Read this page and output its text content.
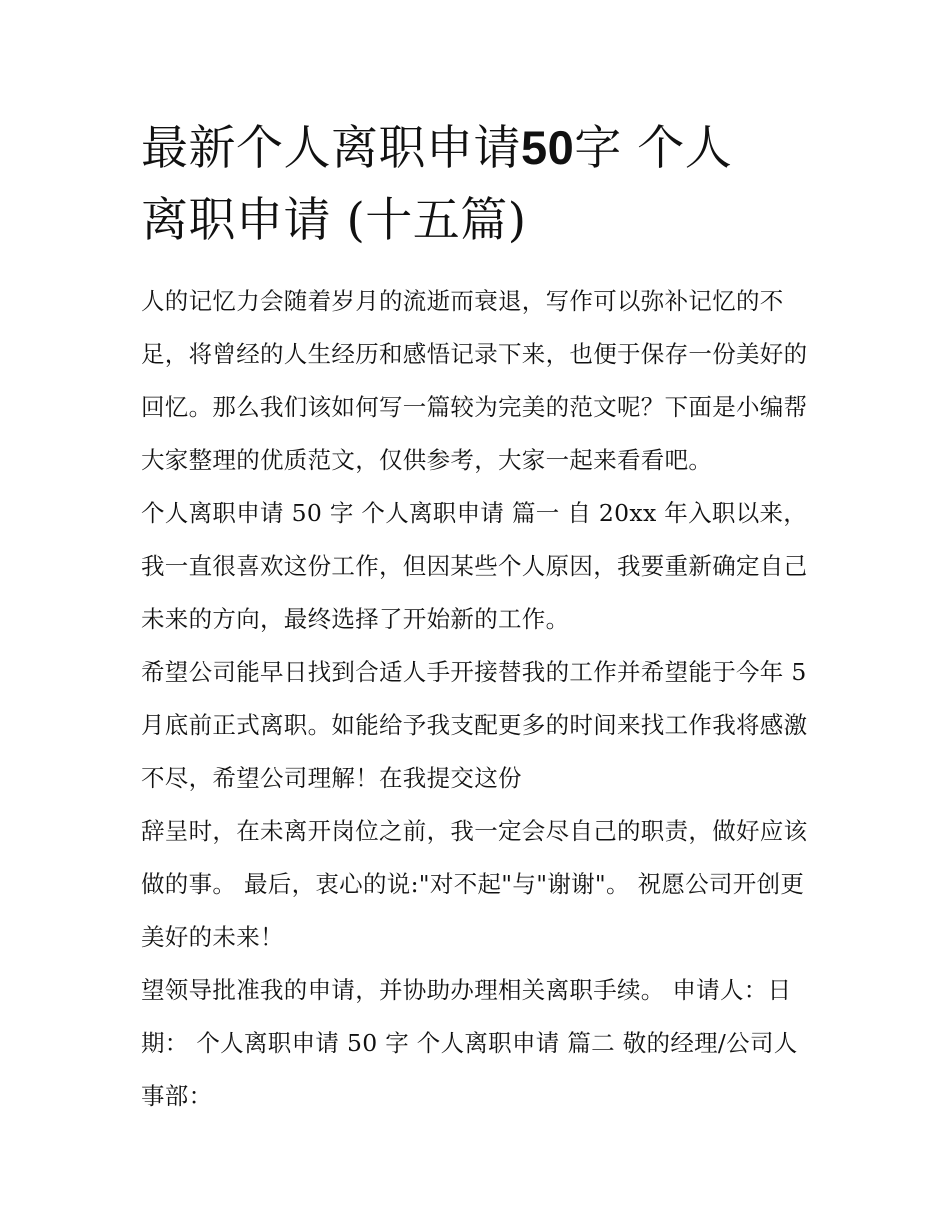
最新个人离职申请50字 个人
离职申请 (十五篇)

人的记忆力会随着岁月的流逝而衰退，写作可以弥补记忆的不足，将曾经的人生经历和感悟记录下来，也便于保存一份美好的回忆。那么我们该如何写一篇较为完美的范文呢？下面是小编帮大家整理的优质范文，仅供参考，大家一起来看看吧。

个人离职申请 50 字 个人离职申请 篇一 自 20xx 年入职以来，我一直很喜欢这份工作，但因某些个人原因，我要重新确定自己未来的方向，最终选择了开始新的工作。

希望公司能早日找到合适人手开接替我的工作并希望能于今年 5 月底前正式离职。如能给予我支配更多的时间来找工作我将感激不尽，希望公司理解！在我提交这份

辞呈时，在未离开岗位之前，我一定会尽自己的职责，做好应该做的事。 最后，衷心的说:"对不起"与"谢谢"。 祝愿公司开创更美好的未来！

望领导批准我的申请，并协助办理相关离职手续。 申请人：日期： 个人离职申请 50 字 个人离职申请 篇二 敬的经理/公司人事部：
